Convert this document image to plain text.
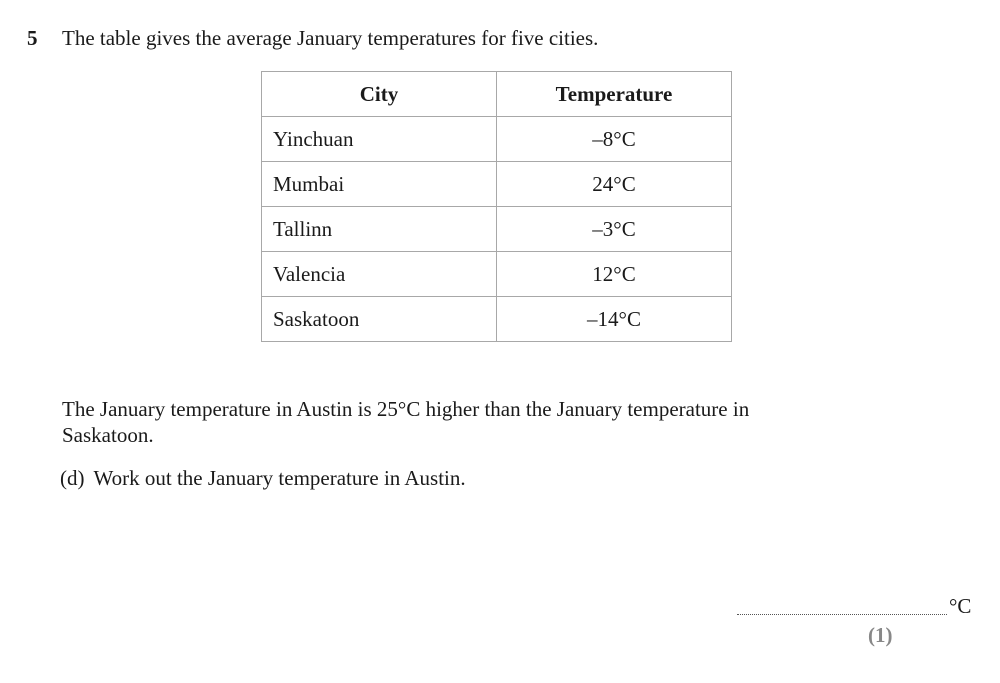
5 The table gives the average January temperatures for five cities.
City	Temperature
Yinchuan	–8°C
Mumbai	24°C
Tallinn	–3°C
Valencia	12°C
Saskatoon	–14°C
The January temperature in Austin is 25°C higher than the January temperature in Saskatoon.
(d) Work out the January temperature in Austin.
°C
(1)
